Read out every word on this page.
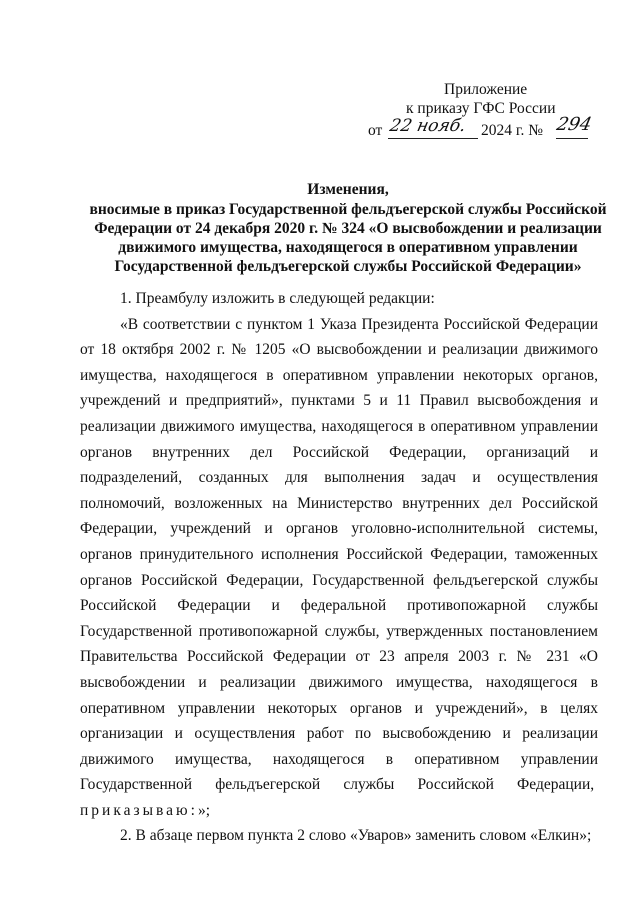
Приложение
к приказу ГФС России
от 22 нояб. 2024 г. № 294
Изменения,
вносимые в приказ Государственной фельдъегерской службы Российской
Федерации от 24 декабря 2020 г. № 324 «О высвобождении и реализации
движимого имущества, находящегося в оперативном управлении
Государственной фельдъегерской службы Российской Федерации»

1. Преамбулу изложить в следующей редакции:

«В соответствии с пунктом 1 Указа Президента Российской Федерации от 18 октября 2002 г. № 1205 «О высвобождении и реализации движимого имущества, находящегося в оперативном управлении некоторых органов, учреждений и предприятий», пунктами 5 и 11 Правил высвобождения и реализации движимого имущества, находящегося в оперативном управлении органов внутренних дел Российской Федерации, организаций и подразделений, созданных для выполнения задач и осуществления полномочий, возложенных на Министерство внутренних дел Российской Федерации, учреждений и органов уголовно-исполнительной системы, органов принудительного исполнения Российской Федерации, таможенных органов Российской Федерации, Государственной фельдъегерской службы Российской Федерации и федеральной противопожарной службы Государственной противопожарной службы, утвержденных постановлением Правительства Российской Федерации от 23 апреля 2003 г. № 231 «О высвобождении и реализации движимого имущества, находящегося в оперативном управлении некоторых органов и учреждений», в целях организации и осуществления работ по высвобождению и реализации движимого имущества, находящегося в оперативном управлении Государственной фельдъегерской службы Российской Федерации,  приказываю:»;

2. В абзаце первом пункта 2 слово «Уваров» заменить словом «Елкин»;
